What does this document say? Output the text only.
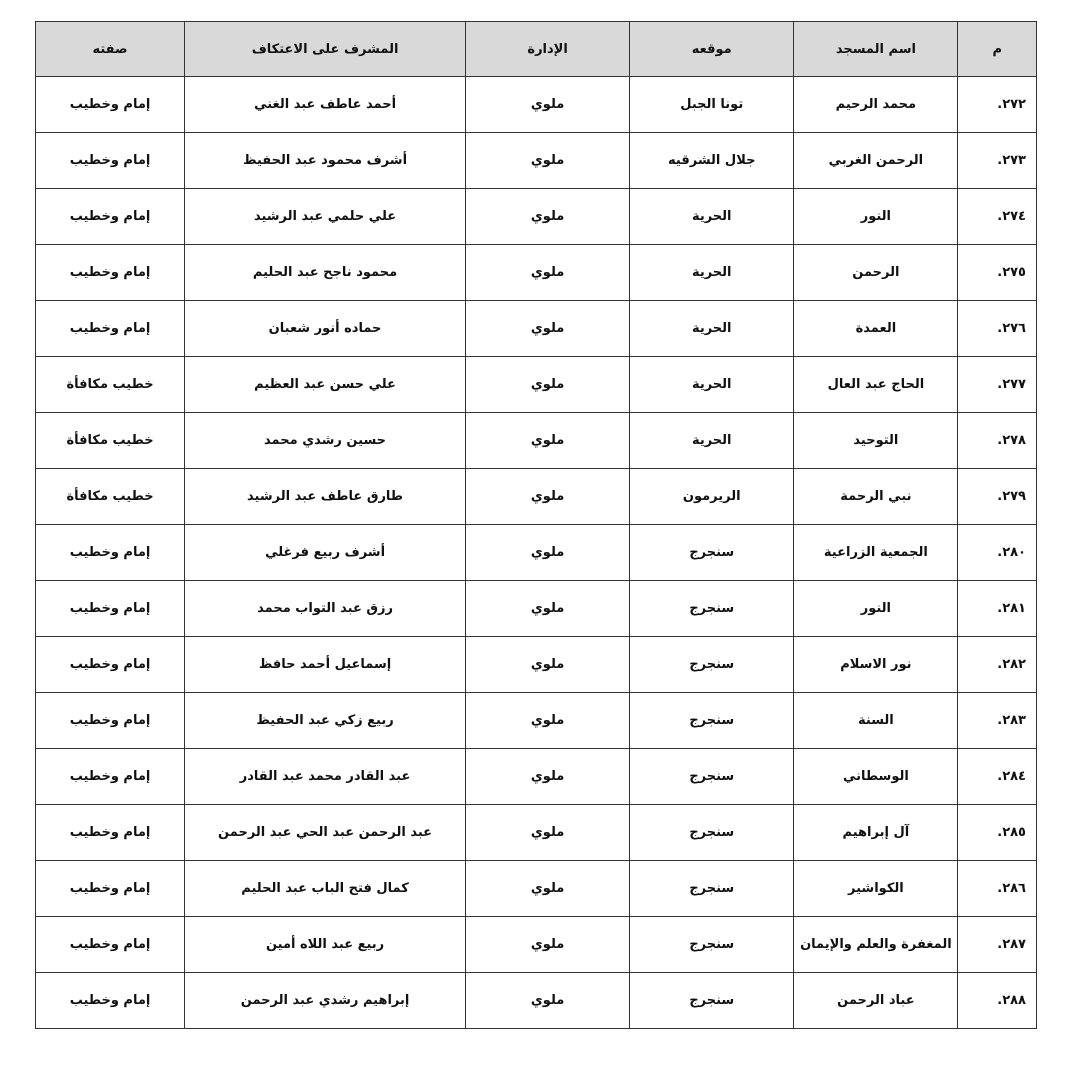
م	اسم المسجد	موقعه	الإدارة	المشرف على الاعتكاف	صفته
٢٧٢.	محمد الرحيم	تونا الجبل	ملوي	أحمد عاطف عبد الغني	إمام وخطيب
٢٧٣.	الرحمن الغربي	جلال الشرقيه	ملوي	أشرف محمود عبد الحفيظ	إمام وخطيب
٢٧٤.	النور	الحرية	ملوي	علي حلمي عبد الرشيد	إمام وخطيب
٢٧٥.	الرحمن	الحرية	ملوي	محمود ناجح عبد الحليم	إمام وخطيب
٢٧٦.	العمدة	الحرية	ملوي	حماده أنور شعبان	إمام وخطيب
٢٧٧.	الحاج عبد العال	الحرية	ملوي	علي حسن عبد العظيم	خطيب مكافأة
٢٧٨.	التوحيد	الحرية	ملوي	حسين رشدي محمد	خطيب مكافأة
٢٧٩.	نبي الرحمة	الريرمون	ملوي	طارق عاطف عبد الرشيد	خطيب مكافأة
٢٨٠.	الجمعية الزراعية	سنجرج	ملوي	أشرف ربيع فرغلي	إمام وخطيب
٢٨١.	النور	سنجرج	ملوي	رزق عبد التواب محمد	إمام وخطيب
٢٨٢.	نور الاسلام	سنجرج	ملوي	إسماعيل أحمد حافظ	إمام وخطيب
٢٨٣.	السنة	سنجرج	ملوي	ربيع زكي عبد الحفيظ	إمام وخطيب
٢٨٤.	الوسطاني	سنجرج	ملوي	عبد القادر محمد عبد القادر	إمام وخطيب
٢٨٥.	آل إبراهيم	سنجرج	ملوي	عبد الرحمن عبد الحي عبد الرحمن	إمام وخطيب
٢٨٦.	الكواشير	سنجرج	ملوي	كمال فتح الباب عبد الحليم	إمام وخطيب
٢٨٧.	المغفرة والعلم والإيمان	سنجرج	ملوي	ربيع عبد اللاه أمين	إمام وخطيب
٢٨٨.	عباد الرحمن	سنجرج	ملوي	إبراهيم رشدي عبد الرحمن	إمام وخطيب
